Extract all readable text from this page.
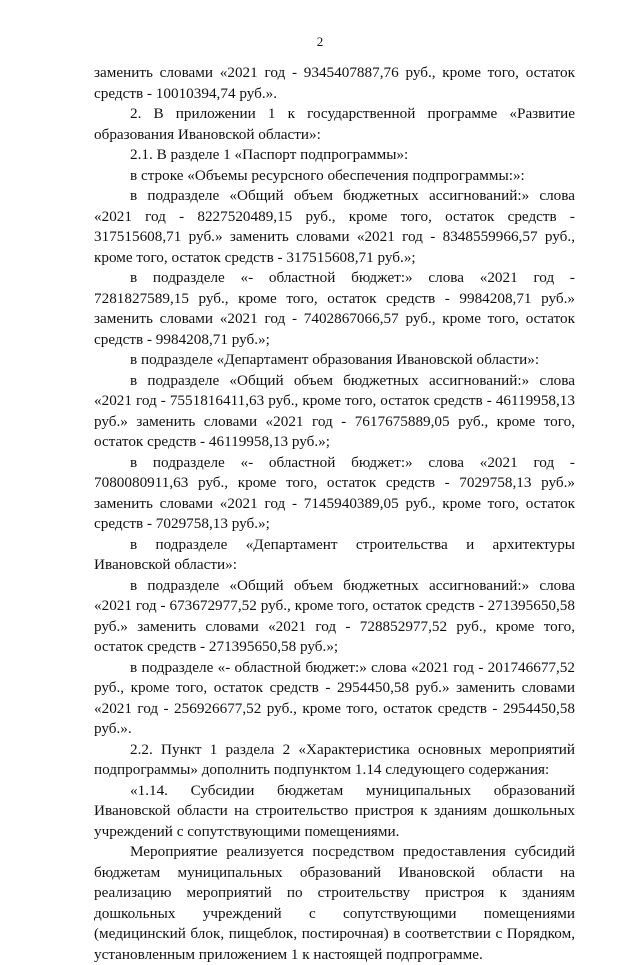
2

заменить словами «2021 год - 9345407887,76 руб., кроме того, остаток средств - 10010394,74 руб.».

2. В приложении 1 к государственной программе «Развитие образования Ивановской области»:

2.1. В разделе 1 «Паспорт подпрограммы»:

в строке «Объемы ресурсного обеспечения подпрограммы:»:

в подразделе «Общий объем бюджетных ассигнований:» слова «2021 год - 8227520489,15 руб., кроме того, остаток средств - 317515608,71 руб.» заменить словами «2021 год - 8348559966,57 руб., кроме того, остаток средств - 317515608,71 руб.»;

в подразделе «- областной бюджет:» слова «2021 год - 7281827589,15 руб., кроме того, остаток средств - 9984208,71 руб.» заменить словами «2021 год - 7402867066,57 руб., кроме того, остаток средств - 9984208,71 руб.»;

в подразделе «Департамент образования Ивановской области»:

в подразделе «Общий объем бюджетных ассигнований:» слова «2021 год - 7551816411,63 руб., кроме того, остаток средств - 46119958,13 руб.» заменить словами «2021 год - 7617675889,05 руб., кроме того, остаток средств - 46119958,13 руб.»;

в подразделе «- областной бюджет:» слова «2021 год - 7080080911,63 руб., кроме того, остаток средств - 7029758,13 руб.» заменить словами «2021 год - 7145940389,05 руб., кроме того, остаток средств - 7029758,13 руб.»;

в подразделе «Департамент строительства и архитектуры Ивановской области»:

в подразделе «Общий объем бюджетных ассигнований:» слова «2021 год - 673672977,52 руб., кроме того, остаток средств - 271395650,58 руб.» заменить словами «2021 год - 728852977,52 руб., кроме того, остаток средств - 271395650,58 руб.»;

в подразделе «- областной бюджет:» слова «2021 год - 201746677,52 руб., кроме того, остаток средств - 2954450,58 руб.» заменить словами «2021 год - 256926677,52 руб., кроме того, остаток средств - 2954450,58 руб.».

2.2. Пункт 1 раздела 2 «Характеристика основных мероприятий подпрограммы» дополнить подпунктом 1.14 следующего содержания:

«1.14. Субсидии бюджетам муниципальных образований Ивановской области на строительство пристроя к зданиям дошкольных учреждений с сопутствующими помещениями.

Мероприятие реализуется посредством предоставления субсидий бюджетам муниципальных образований Ивановской области на реализацию мероприятий по строительству пристроя к зданиям дошкольных учреждений с сопутствующими помещениями (медицинский блок, пищеблок, постирочная) в соответствии с Порядком, установленным приложением 1 к настоящей подпрограмме.
